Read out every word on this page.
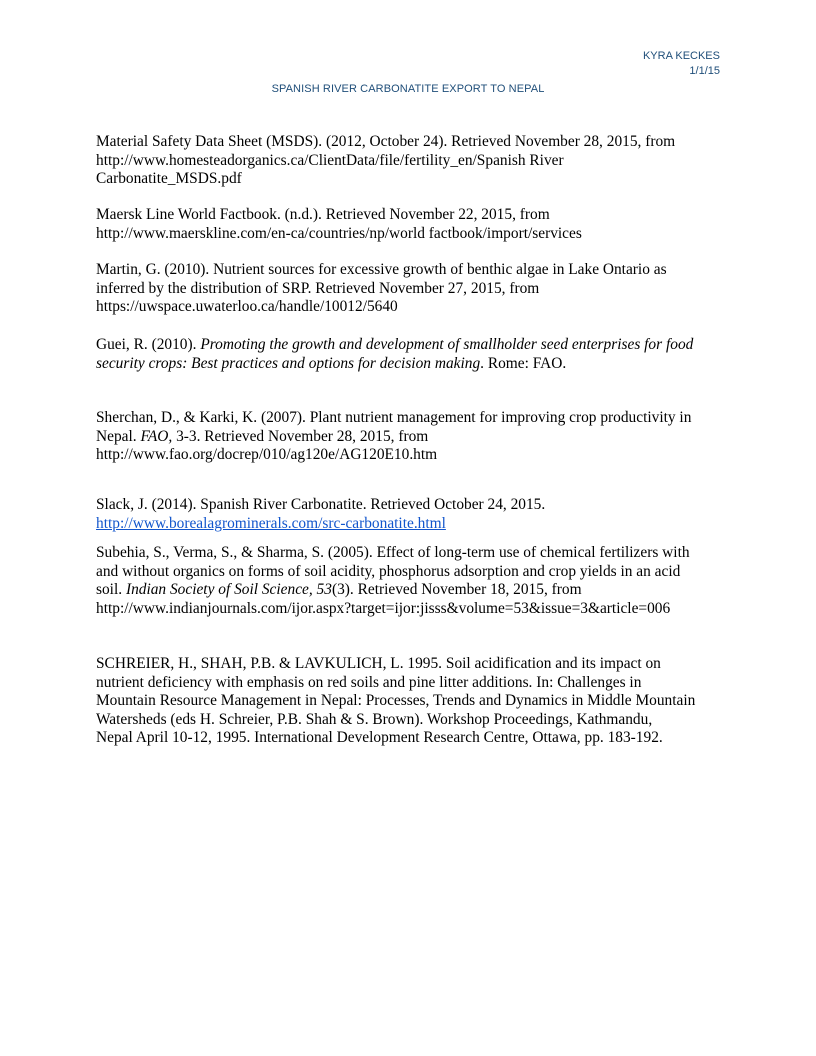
KYRA KECKES
1/1/15
SPANISH RIVER CARBONATITE EXPORT TO NEPAL

Material Safety Data Sheet (MSDS). (2012, October 24). Retrieved November 28, 2015, from
http://www.homesteadorganics.ca/ClientData/file/fertility_en/Spanish River
Carbonatite_MSDS.pdf

Maersk Line World Factbook. (n.d.). Retrieved November 22, 2015, from
http://www.maerskline.com/en-ca/countries/np/world factbook/import/services

Martin, G. (2010). Nutrient sources for excessive growth of benthic algae in Lake Ontario as
inferred by the distribution of SRP. Retrieved November 27, 2015, from
https://uwspace.uwaterloo.ca/handle/10012/5640

Guei, R. (2010). Promoting the growth and development of smallholder seed enterprises for food
security crops: Best practices and options for decision making. Rome: FAO.

Sherchan, D., & Karki, K. (2007). Plant nutrient management for improving crop productivity in
Nepal. FAO, 3-3. Retrieved November 28, 2015, from
http://www.fao.org/docrep/010/ag120e/AG120E10.htm

Slack, J. (2014). Spanish River Carbonatite. Retrieved October 24, 2015.
http://www.borealagrominerals.com/src-carbonatite.html

Subehia, S., Verma, S., & Sharma, S. (2005). Effect of long-term use of chemical fertilizers with
and without organics on forms of soil acidity, phosphorus adsorption and crop yields in an acid
soil. Indian Society of Soil Science, 53(3). Retrieved November 18, 2015, from
http://www.indianjournals.com/ijor.aspx?target=ijor:jisss&volume=53&issue=3&article=006

SCHREIER, H., SHAH, P.B. & LAVKULICH, L. 1995. Soil acidification and its impact on
nutrient deficiency with emphasis on red soils and pine litter additions. In: Challenges in
Mountain Resource Management in Nepal: Processes, Trends and Dynamics in Middle Mountain
Watersheds (eds H. Schreier, P.B. Shah & S. Brown). Workshop Proceedings, Kathmandu,
Nepal April 10-12, 1995. International Development Research Centre, Ottawa, pp. 183-192.
